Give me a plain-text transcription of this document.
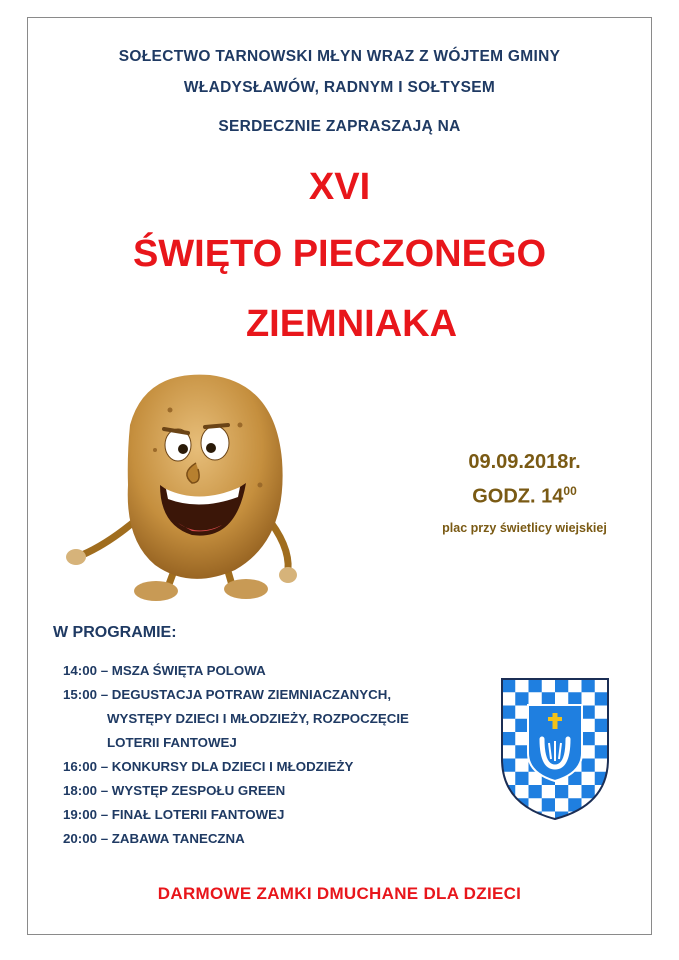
SOŁECTWO TARNOWSKI MŁYN WRAZ Z WÓJTEM GMINY
WŁADYSŁAWÓW, RADNYM I SOŁTYSEM
SERDECZNIE ZAPRASZAJĄ NA
XVI
ŚWIĘTO PIECZONEGO
ZIEMNIAKA
09.09.2018r.
GODZ. $14^{00}$
plac przy świetlicy wiejskiej
W PROGRAMIE:
14:00 – MSZA ŚWIĘTA POLOWA
15:00 – DEGUSTACJA POTRAW ZIEMNIACZANYCH,
WYSTĘPY DZIECI I MŁODZIEŻY, ROZPOCZĘCIE
LOTERII FANTOWEJ
16:00 – KONKURSY DLA DZIECI I MŁODZIEŻY
18:00 – WYSTĘP ZESPOŁU GREEN
19:00 – FINAŁ LOTERII FANTOWEJ
20:00 – ZABAWA TANECZNA
DARMOWE ZAMKI DMUCHANE DLA DZIECI
